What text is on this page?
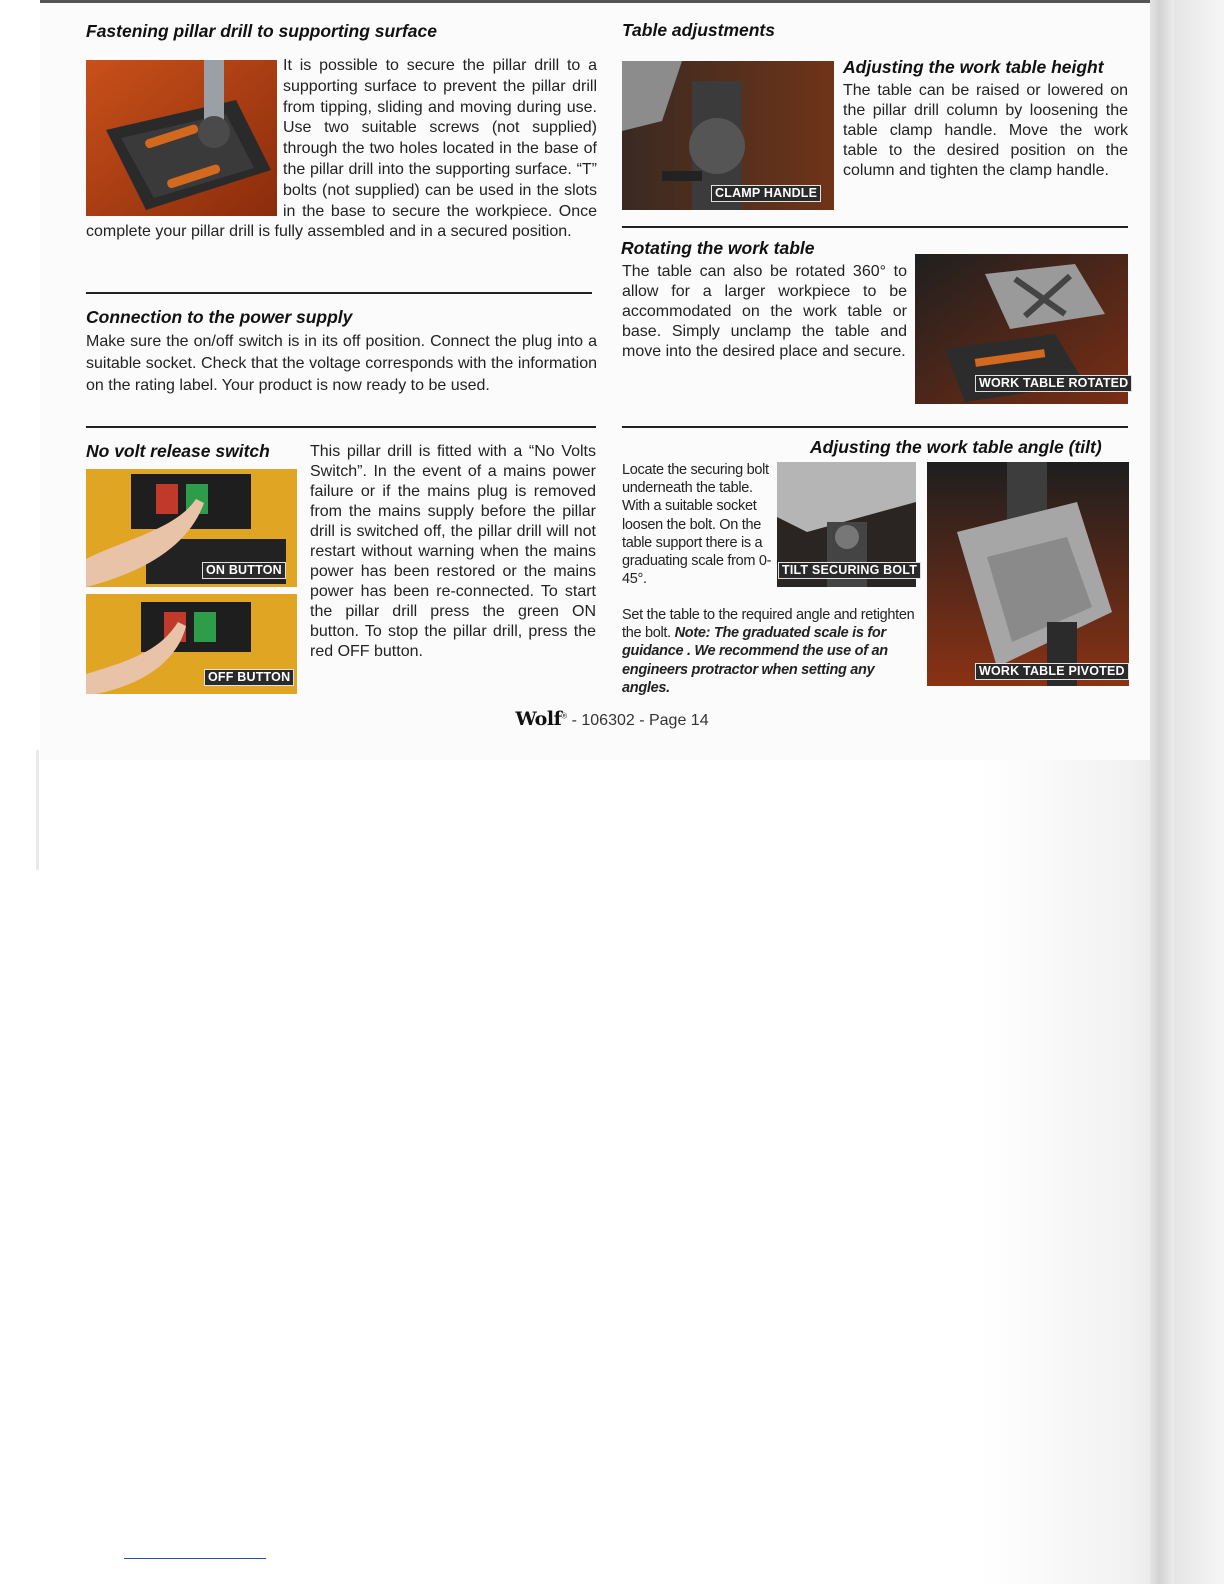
Fastening pillar drill to supporting surface

It is possible to secure the pillar drill to a supporting surface to prevent the pillar drill from tipping, sliding and moving during use. Use two suitable screws (not supplied) through the two holes located in the base of the pillar drill into the supporting surface. “T” bolts (not supplied) can be used in the slots in the base to secure the workpiece. Once complete your pillar drill is fully assembled and in a secured position.

Connection to the power supply

Make sure the on/off switch is in its off position. Connect the plug into a suitable socket. Check that the voltage corresponds with the information on the rating label. Your product is now ready to be used.

No volt release switch
ON BUTTON
OFF BUTTON

This pillar drill is fitted with a “No Volts Switch”. In the event of a mains power failure or if the mains plug is removed from the mains supply before the pillar drill is switched off, the pillar drill will not restart without warning when the mains power has been restored or the mains power has been re-connected. To start the pillar drill press the green ON button. To stop the pillar drill, press the red OFF button.

Table adjustments
CLAMP HANDLE
Adjusting the work table height

The table can be raised or lowered on the pillar drill column by loosening the table clamp handle. Move the work table to the desired position on the column and tighten the clamp handle.

Rotating the work table

The table can also be rotated 360° to allow for a larger workpiece to be accommodated on the work table or base. Simply unclamp the table and move into the desired place and secure.

WORK TABLE ROTATED
Adjusting the work table angle (tilt)

Locate the securing bolt underneath the table. With a suitable socket loosen the bolt. On the table support there is a graduating scale from 0-45°.

TILT SECURING BOLT
WORK TABLE PIVOTED

Set the table to the required angle and retighten the bolt. Note: The graduated scale is for guidance . We recommend the use of an engineers protractor when setting any angles.

Wolf® - 106302 - Page 14
